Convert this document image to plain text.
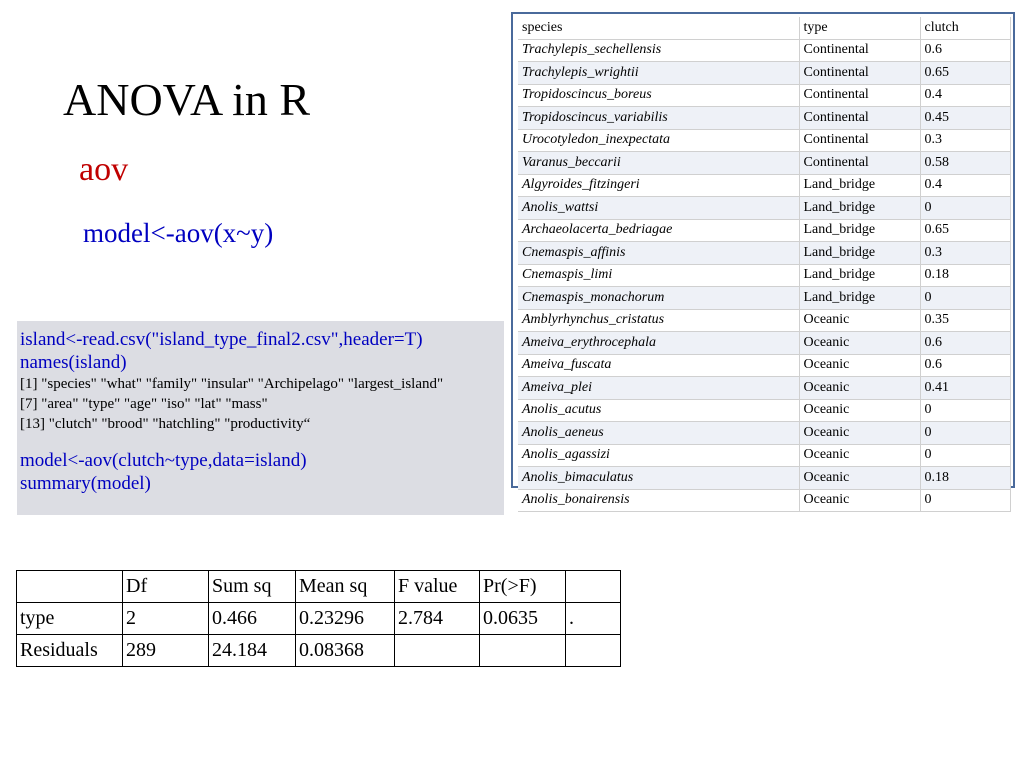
ANOVA in R
aov
model<-aov(x~y)
island<-read.csv("island_type_final2.csv",header=T)
names(island)
[1] "species" "what" "family" "insular" "Archipelago" "largest_island"
[7] "area" "type" "age" "iso" "lat" "mass"
[13] "clutch" "brood" "hatchling" "productivity“
model<-aov(clutch~type,data=island)
summary(model)
species	type	clutch
Trachylepis_sechellensis	Continental	0.6
Trachylepis_wrightii	Continental	0.65
Tropidoscincus_boreus	Continental	0.4
Tropidoscincus_variabilis	Continental	0.45
Urocotyledon_inexpectata	Continental	0.3
Varanus_beccarii	Continental	0.58
Algyroides_fitzingeri	Land_bridge	0.4
Anolis_wattsi	Land_bridge	0
Archaeolacerta_bedriagae	Land_bridge	0.65
Cnemaspis_affinis	Land_bridge	0.3
Cnemaspis_limi	Land_bridge	0.18
Cnemaspis_monachorum	Land_bridge	0
Amblyrhynchus_cristatus	Oceanic	0.35
Ameiva_erythrocephala	Oceanic	0.6
Ameiva_fuscata	Oceanic	0.6
Ameiva_plei	Oceanic	0.41
Anolis_acutus	Oceanic	0
Anolis_aeneus	Oceanic	0
Anolis_agassizi	Oceanic	0
Anolis_bimaculatus	Oceanic	0.18
Anolis_bonairensis	Oceanic	0
	Df	Sum sq	Mean sq	F value	Pr(>F)	
type	2	0.466	0.23296	2.784	0.0635	.
Residuals	289	24.184	0.08368			
